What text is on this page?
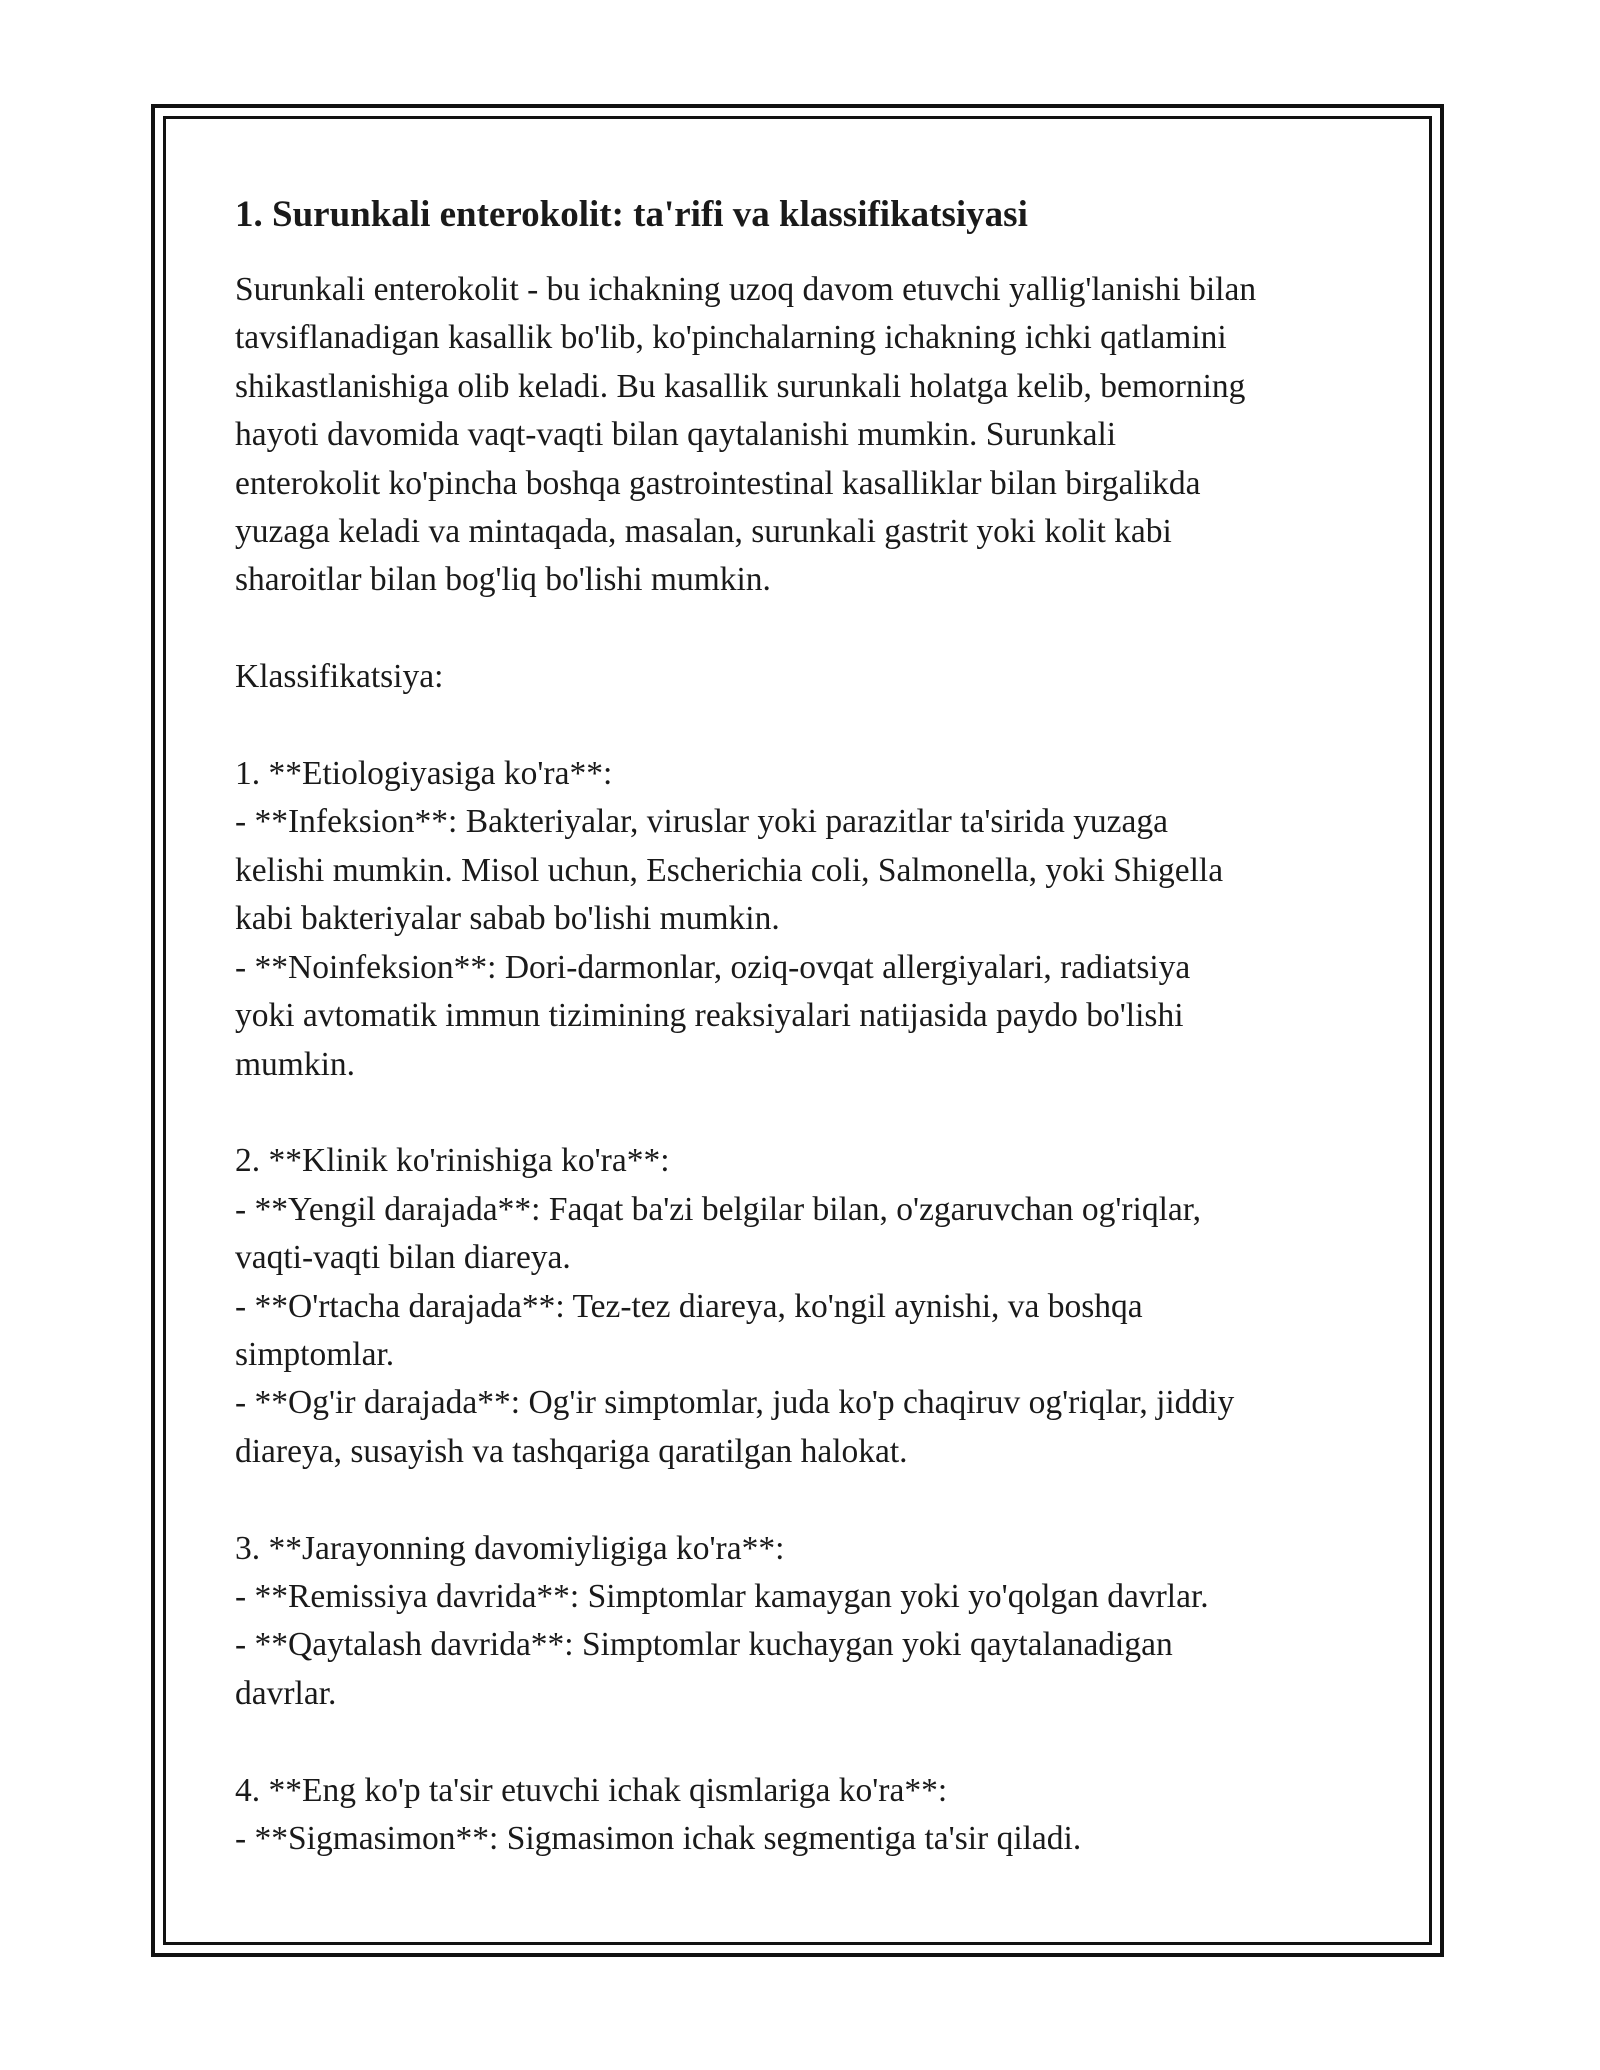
1. Surunkali enterokolit: ta'rifi va klassifikatsiyasi

Surunkali enterokolit - bu ichakning uzoq davom etuvchi yallig'lanishi bilan
tavsiflanadigan kasallik bo'lib, ko'pinchalarning ichakning ichki qatlamini
shikastlanishiga olib keladi. Bu kasallik surunkali holatga kelib, bemorning
hayoti davomida vaqt-vaqti bilan qaytalanishi mumkin. Surunkali
enterokolit ko'pincha boshqa gastrointestinal kasalliklar bilan birgalikda
yuzaga keladi va mintaqada, masalan, surunkali gastrit yoki kolit kabi
sharoitlar bilan bog'liq bo'lishi mumkin.

Klassifikatsiya:

1. **Etiologiyasiga ko'ra**:

- **Infeksion**: Bakteriyalar, viruslar yoki parazitlar ta'sirida yuzaga
kelishi mumkin. Misol uchun, Escherichia coli, Salmonella, yoki Shigella
kabi bakteriyalar sabab bo'lishi mumkin.

- **Noinfeksion**: Dori-darmonlar, oziq-ovqat allergiyalari, radiatsiya
yoki avtomatik immun tizimining reaksiyalari natijasida paydo bo'lishi
mumkin.

2. **Klinik ko'rinishiga ko'ra**:

- **Yengil darajada**: Faqat ba'zi belgilar bilan, o'zgaruvchan og'riqlar,
vaqti-vaqti bilan diareya.

- **O'rtacha darajada**: Tez-tez diareya, ko'ngil aynishi, va boshqa
simptomlar.

- **Og'ir darajada**: Og'ir simptomlar, juda ko'p chaqiruv og'riqlar, jiddiy
diareya, susayish va tashqariga qaratilgan halokat.

3. **Jarayonning davomiyligiga ko'ra**:

- **Remissiya davrida**: Simptomlar kamaygan yoki yo'qolgan davrlar.

- **Qaytalash davrida**: Simptomlar kuchaygan yoki qaytalanadigan
davrlar.

4. **Eng ko'p ta'sir etuvchi ichak qismlariga ko'ra**:

- **Sigmasimon**: Sigmasimon ichak segmentiga ta'sir qiladi.
